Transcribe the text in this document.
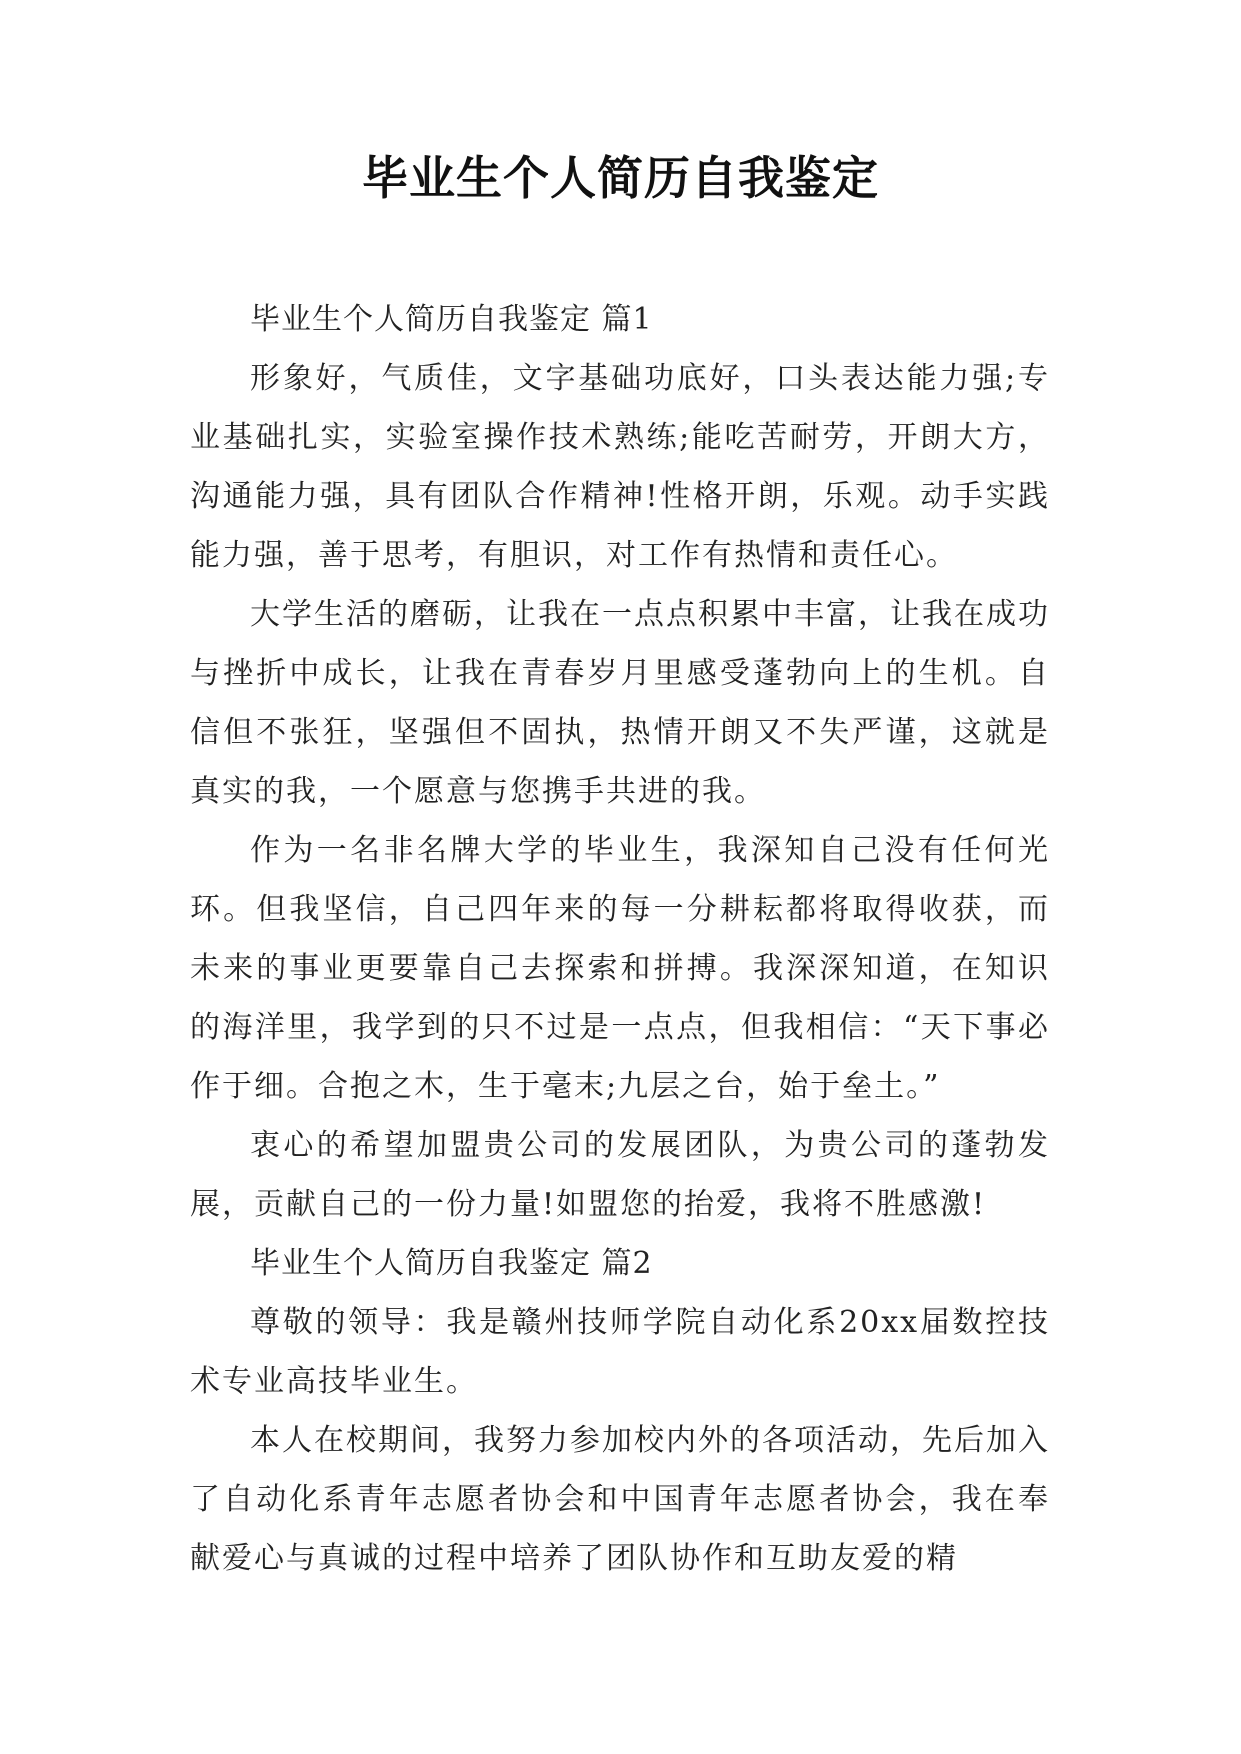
毕业生个人简历自我鉴定

毕业生个人简历自我鉴定 篇1

形象好，气质佳，文字基础功底好，口头表达能力强;专业基础扎实，实验室操作技术熟练;能吃苦耐劳，开朗大方，沟通能力强，具有团队合作精神!性格开朗，乐观。动手实践能力强，善于思考，有胆识，对工作有热情和责任心。

大学生活的磨砺，让我在一点点积累中丰富，让我在成功与挫折中成长，让我在青春岁月里感受蓬勃向上的生机。自信但不张狂，坚强但不固执，热情开朗又不失严谨，这就是真实的我，一个愿意与您携手共进的我。

作为一名非名牌大学的毕业生，我深知自己没有任何光环。但我坚信，自己四年来的每一分耕耘都将取得收获，而未来的事业更要靠自己去探索和拼搏。我深深知道，在知识的海洋里，我学到的只不过是一点点，但我相信：“天下事必作于细。合抱之木，生于毫末;九层之台，始于垒土。”

衷心的希望加盟贵公司的发展团队，为贵公司的蓬勃发展，贡献自己的一份力量!如盟您的抬爱，我将不胜感激!

毕业生个人简历自我鉴定 篇2

尊敬的领导：我是赣州技师学院自动化系20xx届数控技术专业高技毕业生。

本人在校期间，我努力参加校内外的各项活动，先后加入了自动化系青年志愿者协会和中国青年志愿者协会，我在奉献爱心与真诚的过程中培养了团队协作和互助友爱的精
